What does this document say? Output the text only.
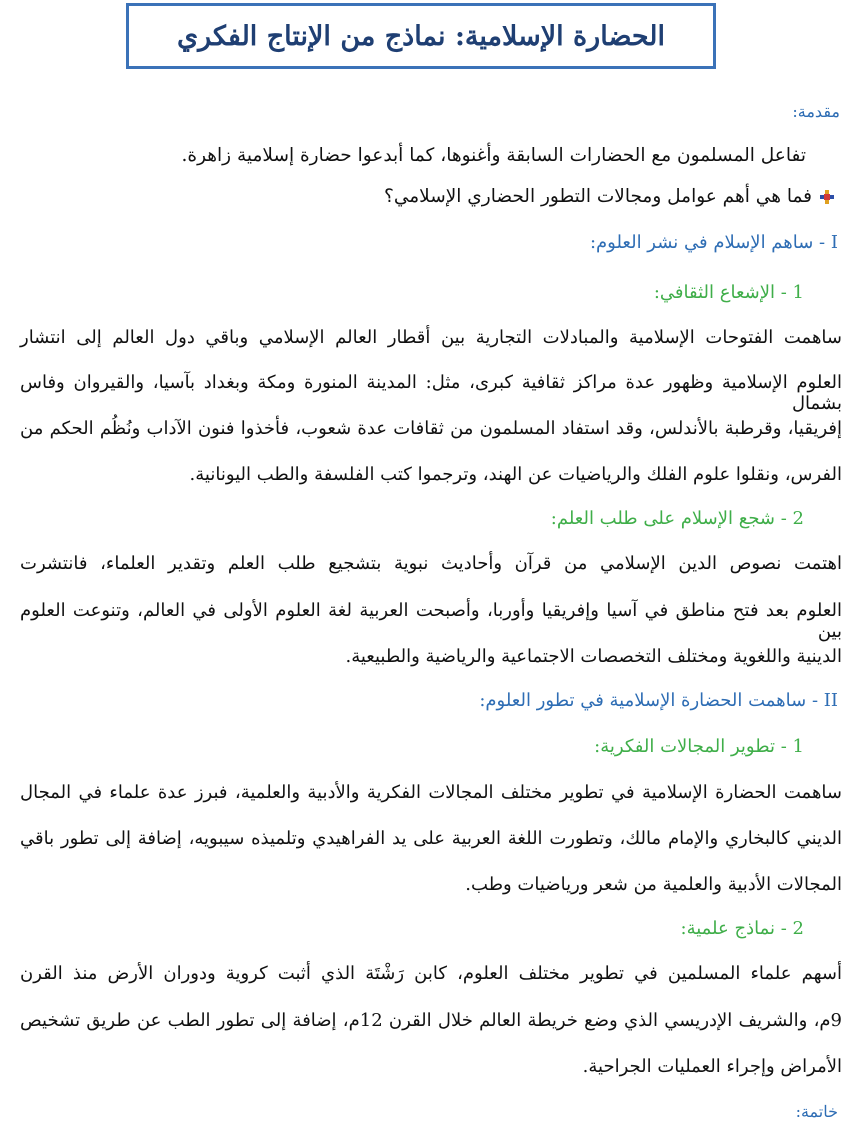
الحضارة الإسلامية: نماذج من الإنتاج الفكري
مقدمة:
تفاعل المسلمون مع الحضارات السابقة وأغنوها، كما أبدعوا حضارة إسلامية زاهرة.
فما هي أهم عوامل ومجالات التطور الحضاري الإسلامي؟
I - ساهم الإسلام في نشر العلوم:
1 - الإشعاع الثقافي:
ساهمت الفتوحات الإسلامية والمبادلات التجارية بين أقطار العالم الإسلامي وباقي دول العالم إلى انتشار
العلوم الإسلامية وظهور عدة مراكز ثقافية كبرى، مثل: المدينة المنورة ومكة وبغداد بآسيا، والقيروان وفاس بشمال
إفريقيا، وقرطبة بالأندلس، وقد استفاد المسلمون من ثقافات عدة شعوب، فأخذوا فنون الآداب ونُظُم الحكم من
الفرس، ونقلوا علوم الفلك والرياضيات عن الهند، وترجموا كتب الفلسفة والطب اليونانية.
2 - شجع الإسلام على طلب العلم:
اهتمت نصوص الدين الإسلامي من قرآن وأحاديث نبوية بتشجيع طلب العلم وتقدير العلماء، فانتشرت
العلوم بعد فتح مناطق في آسيا وإفريقيا وأوربا، وأصبحت العربية لغة العلوم الأولى في العالم، وتنوعت العلوم بين
الدينية واللغوية ومختلف التخصصات الاجتماعية والرياضية والطبيعية.
II - ساهمت الحضارة الإسلامية في تطور العلوم:
1 - تطوير المجالات الفكرية:
ساهمت الحضارة الإسلامية في تطوير مختلف المجالات الفكرية والأدبية والعلمية، فبرز عدة علماء في المجال
الديني كالبخاري والإمام مالك، وتطورت اللغة العربية على يد الفراهيدي وتلميذه سيبويه، إضافة إلى تطور باقي
المجالات الأدبية والعلمية من شعر ورياضيات وطب.
2 - نماذج علمية:
أسهم علماء المسلمين في تطوير مختلف العلوم، كابن رَشْتَة الذي أثبت كروية ودوران الأرض منذ القرن
9م، والشريف الإدريسي الذي وضع خريطة العالم خلال القرن 12م، إضافة إلى تطور الطب عن طريق تشخيص
الأمراض وإجراء العمليات الجراحية.
خاتمة:
